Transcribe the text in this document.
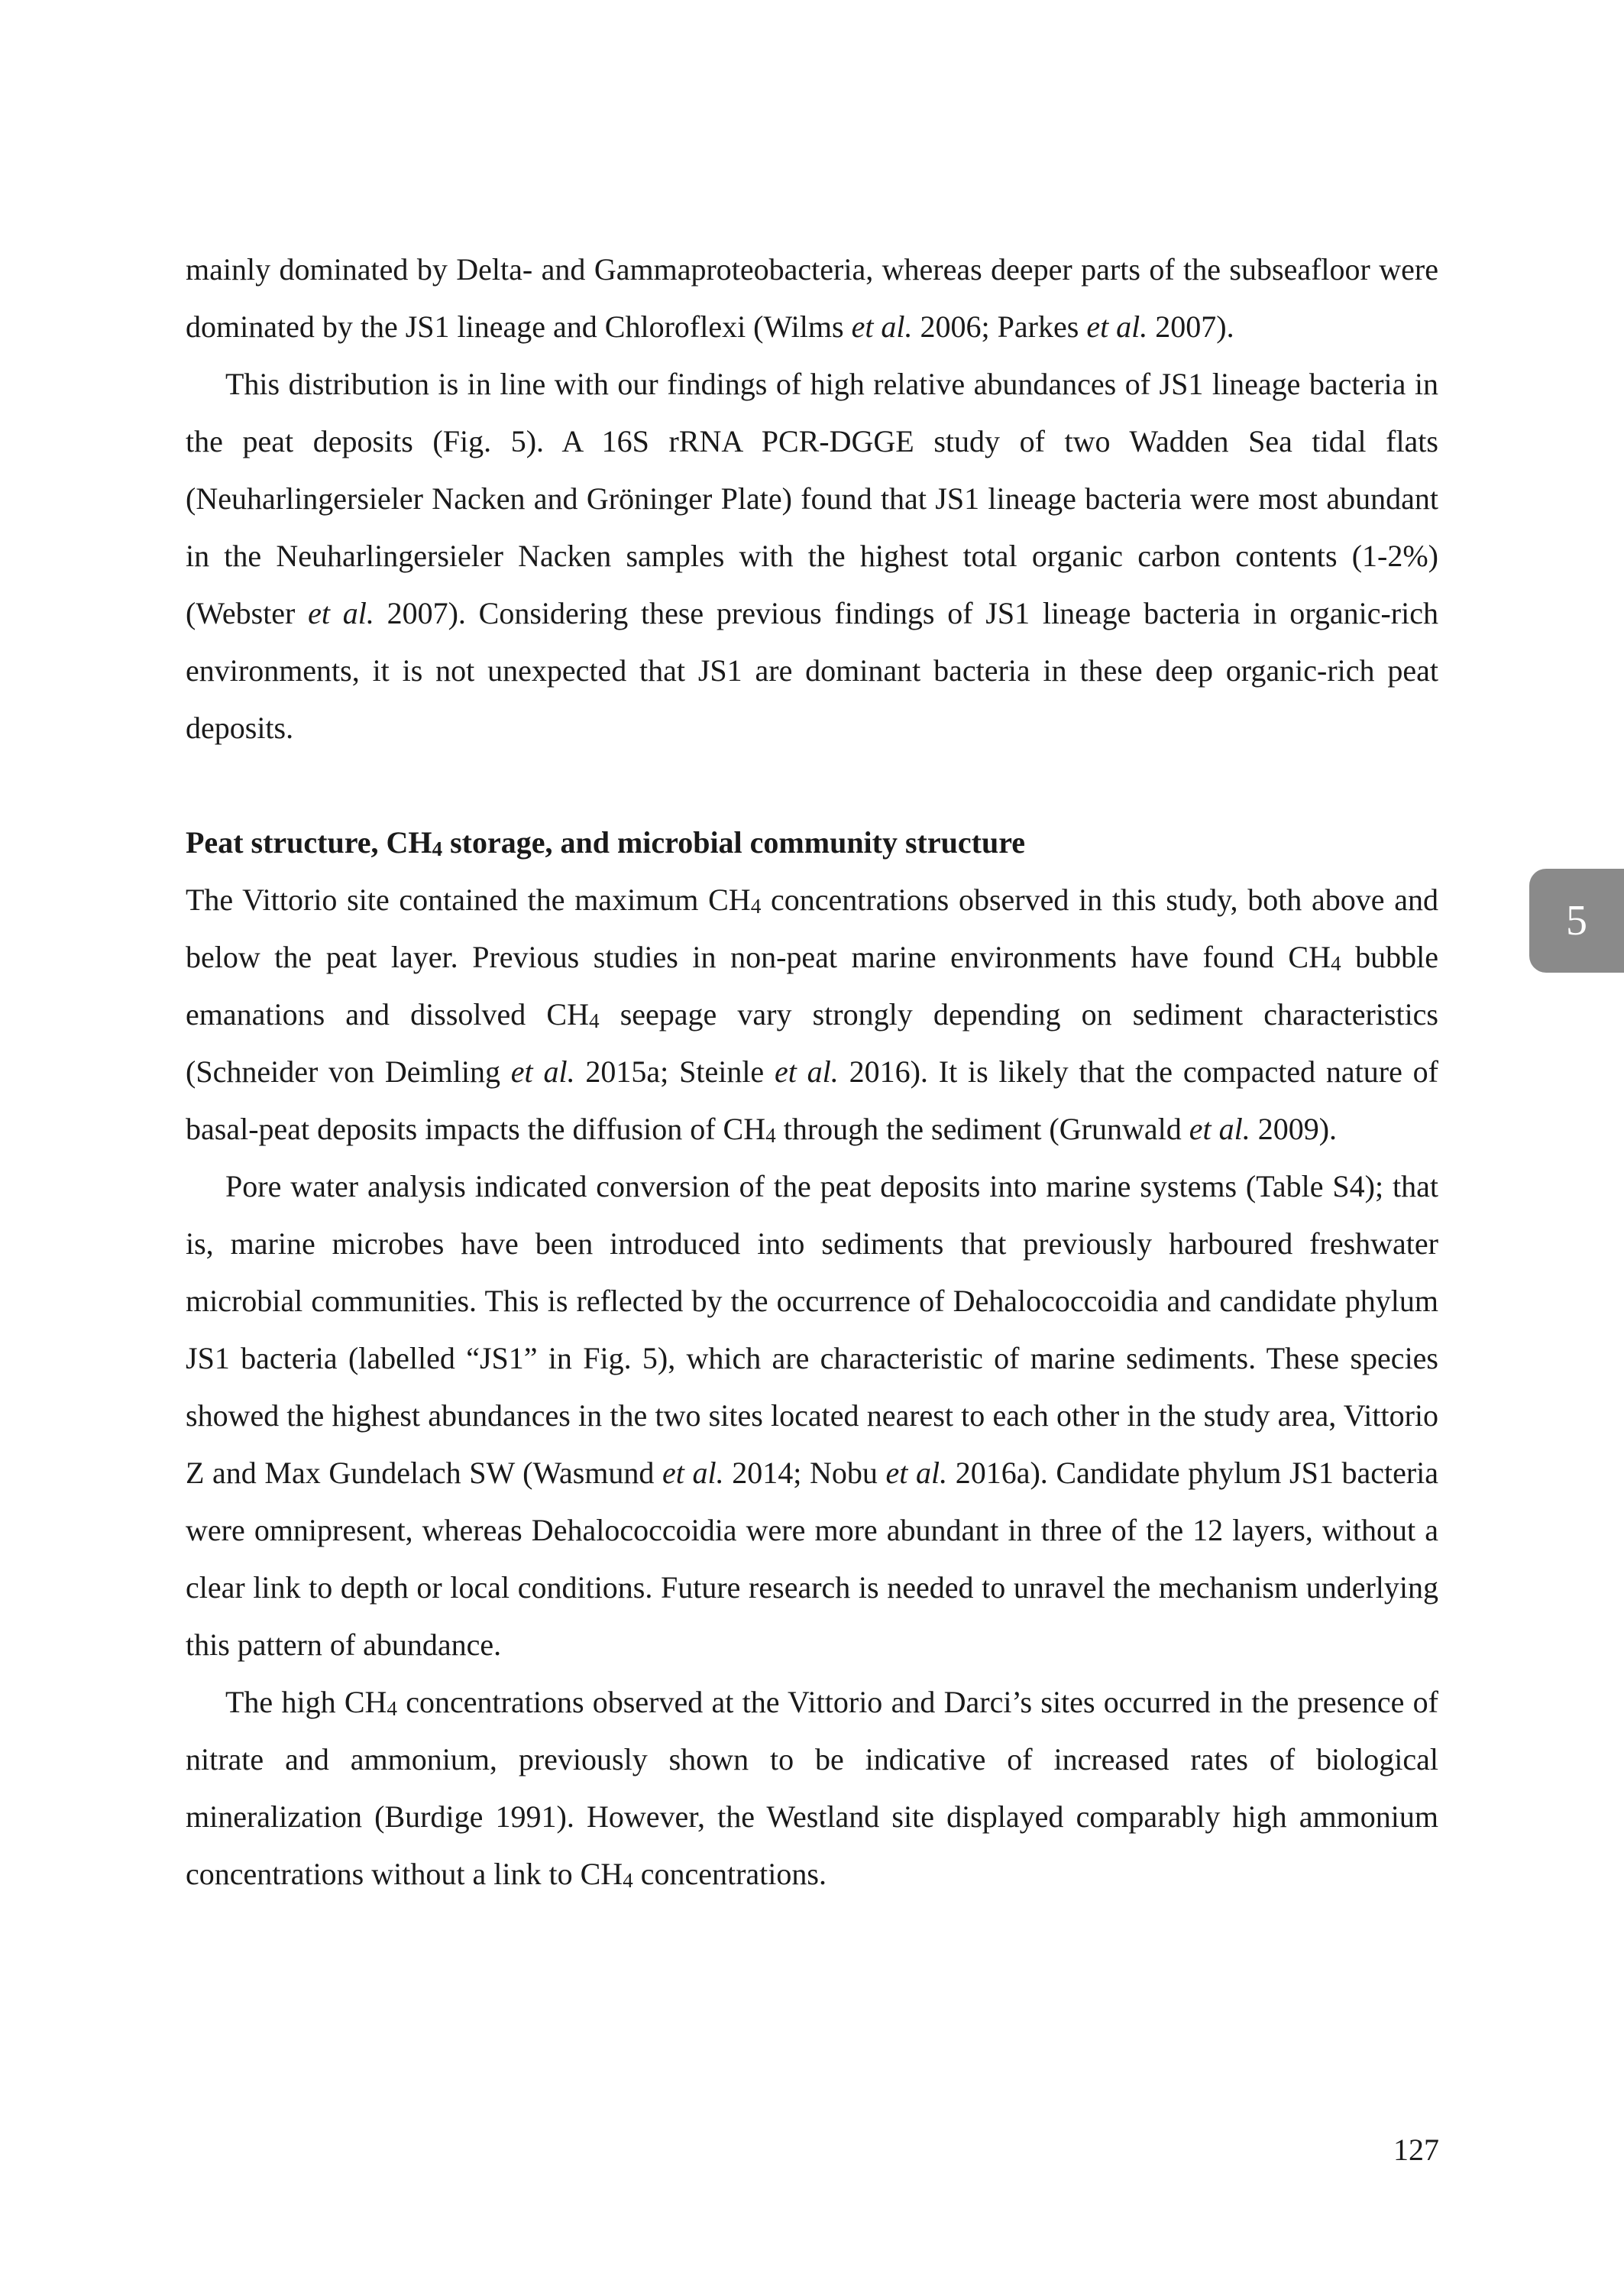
mainly dominated by Delta- and Gammaproteobacteria, whereas deeper parts of the subseafloor were dominated by the JS1 lineage and Chloroflexi (Wilms et al. 2006; Parkes et al. 2007).

This distribution is in line with our findings of high relative abundances of JS1 lineage bacteria in the peat deposits (Fig. 5). A 16S rRNA PCR-DGGE study of two Wadden Sea tidal flats (Neuharlingersieler Nacken and Gröninger Plate) found that JS1 lineage bacteria were most abundant in the Neuharlingersieler Nacken samples with the highest total organic carbon contents (1-2%) (Webster et al. 2007). Considering these previous findings of JS1 lineage bacteria in organic-rich environments, it is not unexpected that JS1 are dominant bacteria in these deep organic-rich peat deposits.

Peat structure, $CH_4$ storage, and microbial community structure

The Vittorio site contained the maximum $CH_4$ concentrations observed in this study, both above and below the peat layer. Previous studies in non-peat marine environments have found $CH_4$ bubble emanations and dissolved $CH_4$ seepage vary strongly depending on sediment characteristics (Schneider von Deimling et al. 2015a; Steinle et al. 2016). It is likely that the compacted nature of basal-peat deposits impacts the diffusion of $CH_4$ through the sediment (Grunwald et al. 2009).

Pore water analysis indicated conversion of the peat deposits into marine systems (Table S4); that is, marine microbes have been introduced into sediments that previously harboured freshwater microbial communities. This is reflected by the occurrence of Dehalococcoidia and candidate phylum JS1 bacteria (labelled “JS1” in Fig. 5), which are characteristic of marine sediments. These species showed the highest abundances in the two sites located nearest to each other in the study area, Vittorio Z and Max Gundelach SW (Wasmund et al. 2014; Nobu et al. 2016a). Candidate phylum JS1 bacteria were omnipresent, whereas Dehalococcoidia were more abundant in three of the 12 layers, without a clear link to depth or local conditions. Future research is needed to unravel the mechanism underlying this pattern of abundance.

The high $CH_4$ concentrations observed at the Vittorio and Darci’s sites occurred in the presence of nitrate and ammonium, previously shown to be indicative of increased rates of biological mineralization (Burdige 1991). However, the Westland site displayed comparably high ammonium concentrations without a link to $CH_4$ concentrations.

5
127
